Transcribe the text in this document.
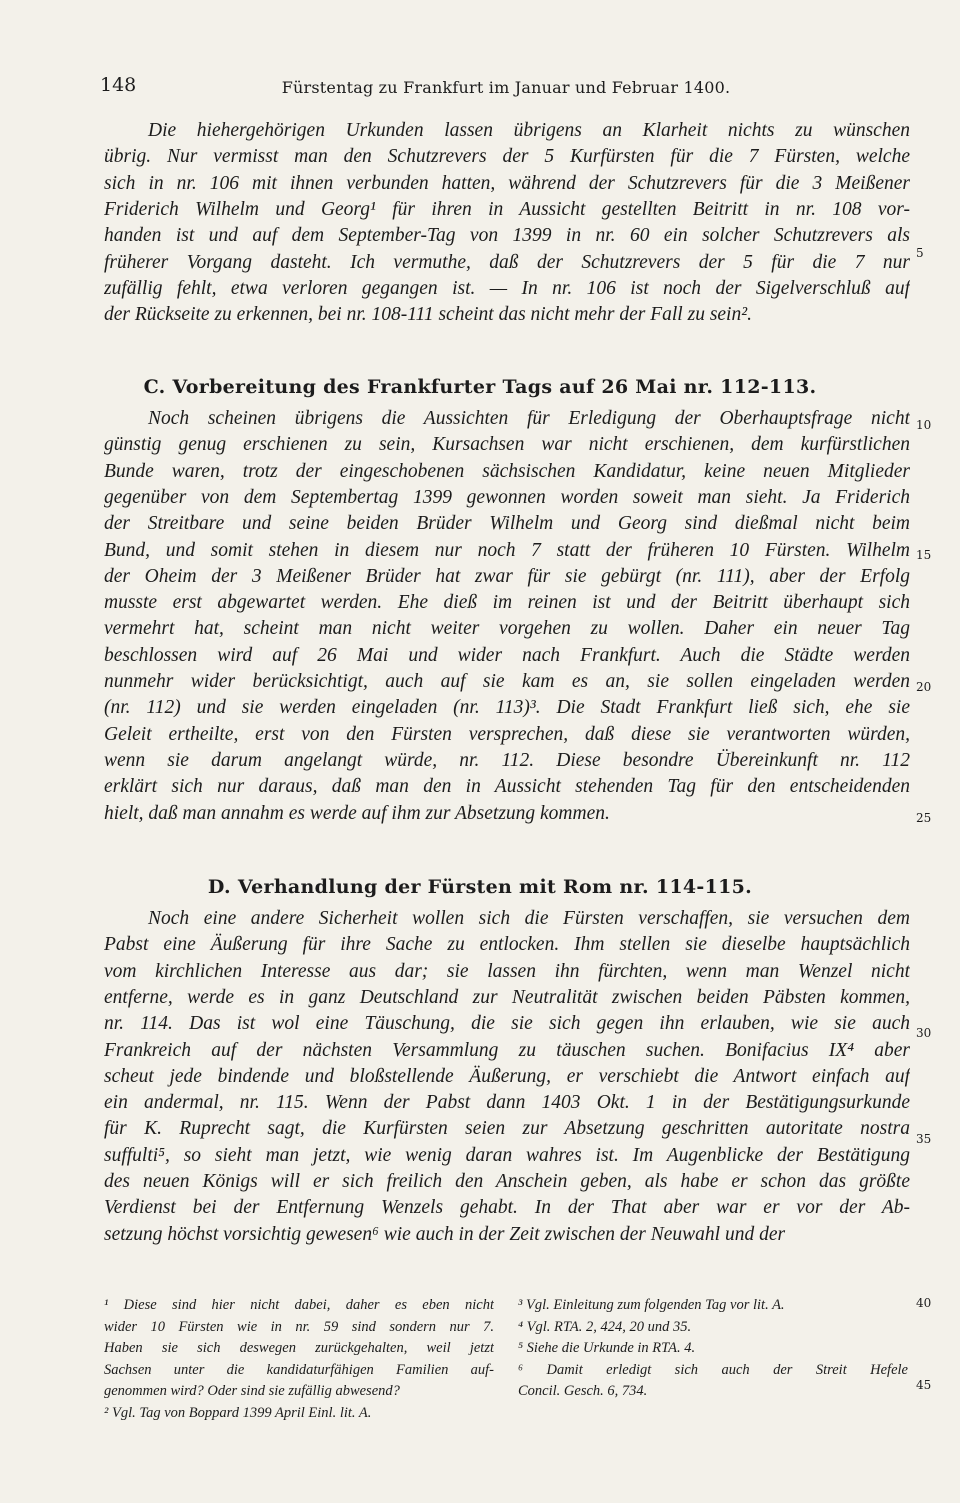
148	Fürstentag zu Frankfurt im Januar und Februar 1400.
Die hiehergehörigen Urkunden lassen übrigens an Klarheit nichts zu wünschen
übrig. Nur vermisst man den Schutzrevers der 5 Kurfürsten für die 7 Fürsten, welche
sich in nr. 106 mit ihnen verbunden hatten, während der Schutzrevers für die 3 Meißener
Friderich Wilhelm und Georg¹ für ihren in Aussicht gestellten Beitritt in nr. 108 vor-
handen ist und auf dem September-Tag von 1399 in nr. 60 ein solcher Schutzrevers als
früherer Vorgang dasteht. Ich vermuthe, daß der Schutzrevers der 5 für die 7 nur
zufällig fehlt, etwa verloren gegangen ist. — In nr. 106 ist noch der Sigelverschluß auf
der Rückseite zu erkennen, bei nr. 108-111 scheint das nicht mehr der Fall zu sein².
C. Vorbereitung des Frankfurter Tags auf 26 Mai nr. 112-113.
Noch scheinen übrigens die Aussichten für Erledigung der Oberhauptsfrage nicht
günstig genug erschienen zu sein, Kursachsen war nicht erschienen, dem kurfürstlichen
Bunde waren, trotz der eingeschobenen sächsischen Kandidatur, keine neuen Mitglieder
gegenüber von dem Septembertag 1399 gewonnen worden soweit man sieht. Ja Friderich
der Streitbare und seine beiden Brüder Wilhelm und Georg sind dießmal nicht beim
Bund, und somit stehen in diesem nur noch 7 statt der früheren 10 Fürsten. Wilhelm
der Oheim der 3 Meißener Brüder hat zwar für sie gebürgt (nr. 111), aber der Erfolg
musste erst abgewartet werden. Ehe dieß im reinen ist und der Beitritt überhaupt sich
vermehrt hat, scheint man nicht weiter vorgehen zu wollen. Daher ein neuer Tag
beschlossen wird auf 26 Mai und wider nach Frankfurt. Auch die Städte werden
nunmehr wider berücksichtigt, auch auf sie kam es an, sie sollen eingeladen werden
(nr. 112) und sie werden eingeladen (nr. 113)³. Die Stadt Frankfurt ließ sich, ehe sie
Geleit ertheilte, erst von den Fürsten versprechen, daß diese sie verantworten würden,
wenn sie darum angelangt würde, nr. 112. Diese besondre Übereinkunft nr. 112
erklärt sich nur daraus, daß man den in Aussicht stehenden Tag für den entscheidenden
hielt, daß man annahm es werde auf ihm zur Absetzung kommen.
D. Verhandlung der Fürsten mit Rom nr. 114-115.
Noch eine andere Sicherheit wollen sich die Fürsten verschaffen, sie versuchen dem
Pabst eine Äußerung für ihre Sache zu entlocken. Ihm stellen sie dieselbe hauptsächlich
vom kirchlichen Interesse aus dar; sie lassen ihn fürchten, wenn man Wenzel nicht
entferne, werde es in ganz Deutschland zur Neutralität zwischen beiden Päbsten kommen,
nr. 114. Das ist wol eine Täuschung, die sie sich gegen ihn erlauben, wie sie auch
Frankreich auf der nächsten Versammlung zu täuschen suchen. Bonifacius IX⁴ aber
scheut jede bindende und bloßstellende Äußerung, er verschiebt die Antwort einfach auf
ein andermal, nr. 115. Wenn der Pabst dann 1403 Okt. 1 in der Bestätigungsurkunde
für K. Ruprecht sagt, die Kurfürsten seien zur Absetzung geschritten autoritate nostra
suffulti⁵, so sieht man jetzt, wie wenig daran wahres ist. Im Augenblicke der Bestätigung
des neuen Königs will er sich freilich den Anschein geben, als habe er schon das größte
Verdienst bei der Entfernung Wenzels gehabt. In der That aber war er vor der Ab-
setzung höchst vorsichtig gewesen⁶ wie auch in der Zeit zwischen der Neuwahl und der
5
10
15
20
25
30
35
40
45
¹ Diese sind hier nicht dabei, daher es eben nicht
wider 10 Fürsten wie in nr. 59 sind sondern nur 7.
Haben sie sich deswegen zurückgehalten, weil jetzt
Sachsen unter die kandidaturfähigen Familien auf-
genommen wird? Oder sind sie zufällig abwesend?
² Vgl. Tag von Boppard 1399 April Einl. lit. A.
³ Vgl. Einleitung zum folgenden Tag vor lit. A.
⁴ Vgl. RTA. 2, 424, 20 und 35.
⁵ Siehe die Urkunde in RTA. 4.
⁶ Damit erledigt sich auch der Streit Hefele
Concil. Gesch. 6, 734.
